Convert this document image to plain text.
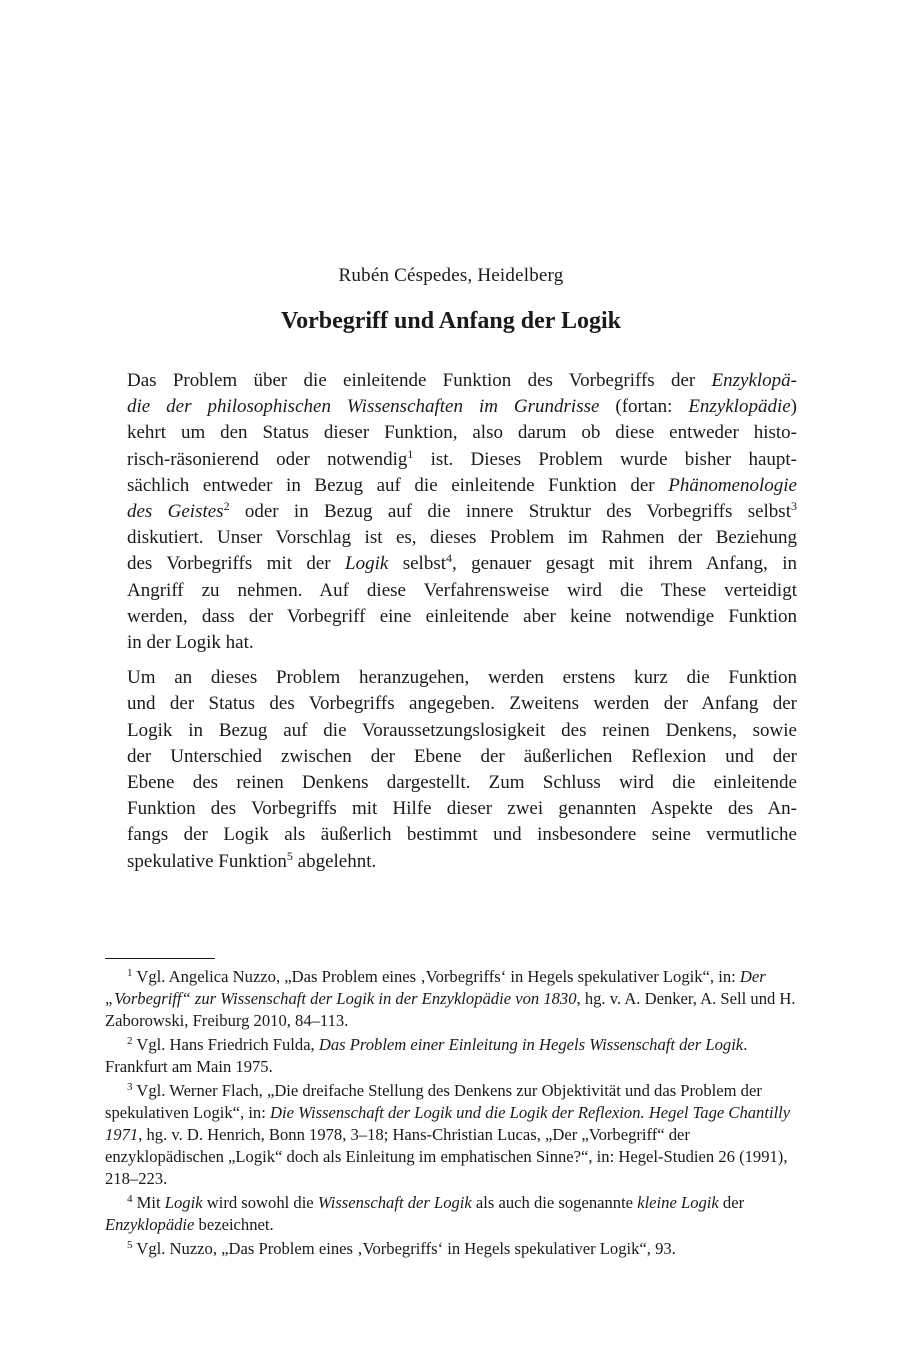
Rubén Céspedes, Heidelberg
Vorbegriff und Anfang der Logik

Das Problem über die einleitende Funktion des Vorbegriffs der Enzyklopä-
die der philosophischen Wissenschaften im Grundrisse (fortan: Enzyklopädie)
kehrt um den Status dieser Funktion, also darum ob diese entweder histo-
risch-räsonierend oder notwendig$^1$ ist. Dieses Problem wurde bisher haupt-
sächlich entweder in Bezug auf die einleitende Funktion der Phänomenologie
des Geistes$^2$ oder in Bezug auf die innere Struktur des Vorbegriffs selbst$^3$
diskutiert. Unser Vorschlag ist es, dieses Problem im Rahmen der Beziehung
des Vorbegriffs mit der Logik selbst$^4$, genauer gesagt mit ihrem Anfang, in
Angriff zu nehmen. Auf diese Verfahrensweise wird die These verteidigt
werden, dass der Vorbegriff eine einleitende aber keine notwendige Funktion
in der Logik hat.

Um an dieses Problem heranzugehen, werden erstens kurz die Funktion
und der Status des Vorbegriffs angegeben. Zweitens werden der Anfang der
Logik in Bezug auf die Voraussetzungslosigkeit des reinen Denkens, sowie
der Unterschied zwischen der Ebene der äußerlichen Reflexion und der
Ebene des reinen Denkens dargestellt. Zum Schluss wird die einleitende
Funktion des Vorbegriffs mit Hilfe dieser zwei genannten Aspekte des An-
fangs der Logik als äußerlich bestimmt und insbesondere seine vermutliche
spekulative Funktion$^5$ abgelehnt.

$^1$ Vgl. Angelica Nuzzo, „Das Problem eines ‚Vorbegriffs‘ in Hegels spekulativer Logik“, in: Der „Vorbegriff“ zur Wissenschaft der Logik in der Enzyklopädie von 1830, hg. v. A. Denker, A. Sell und H. Zaborowski, Freiburg 2010, 84–113.

$^2$ Vgl. Hans Friedrich Fulda, Das Problem einer Einleitung in Hegels Wissenschaft der Logik. Frankfurt am Main 1975.

$^3$ Vgl. Werner Flach, „Die dreifache Stellung des Denkens zur Objektivität und das Problem der spekulativen Logik“, in: Die Wissenschaft der Logik und die Logik der Reflexion. Hegel Tage Chantilly 1971, hg. v. D. Henrich, Bonn 1978, 3–18; Hans-Christian Lucas, „Der „Vorbegriff“ der enzyklopädischen „Logik“ doch als Einleitung im emphatischen Sinne?“, in: Hegel-Studien 26 (1991), 218–223.

$^4$ Mit Logik wird sowohl die Wissenschaft der Logik als auch die sogenannte kleine Logik der Enzyklopädie bezeichnet.

$^5$ Vgl. Nuzzo, „Das Problem eines ‚Vorbegriffs‘ in Hegels spekulativer Logik“, 93.
